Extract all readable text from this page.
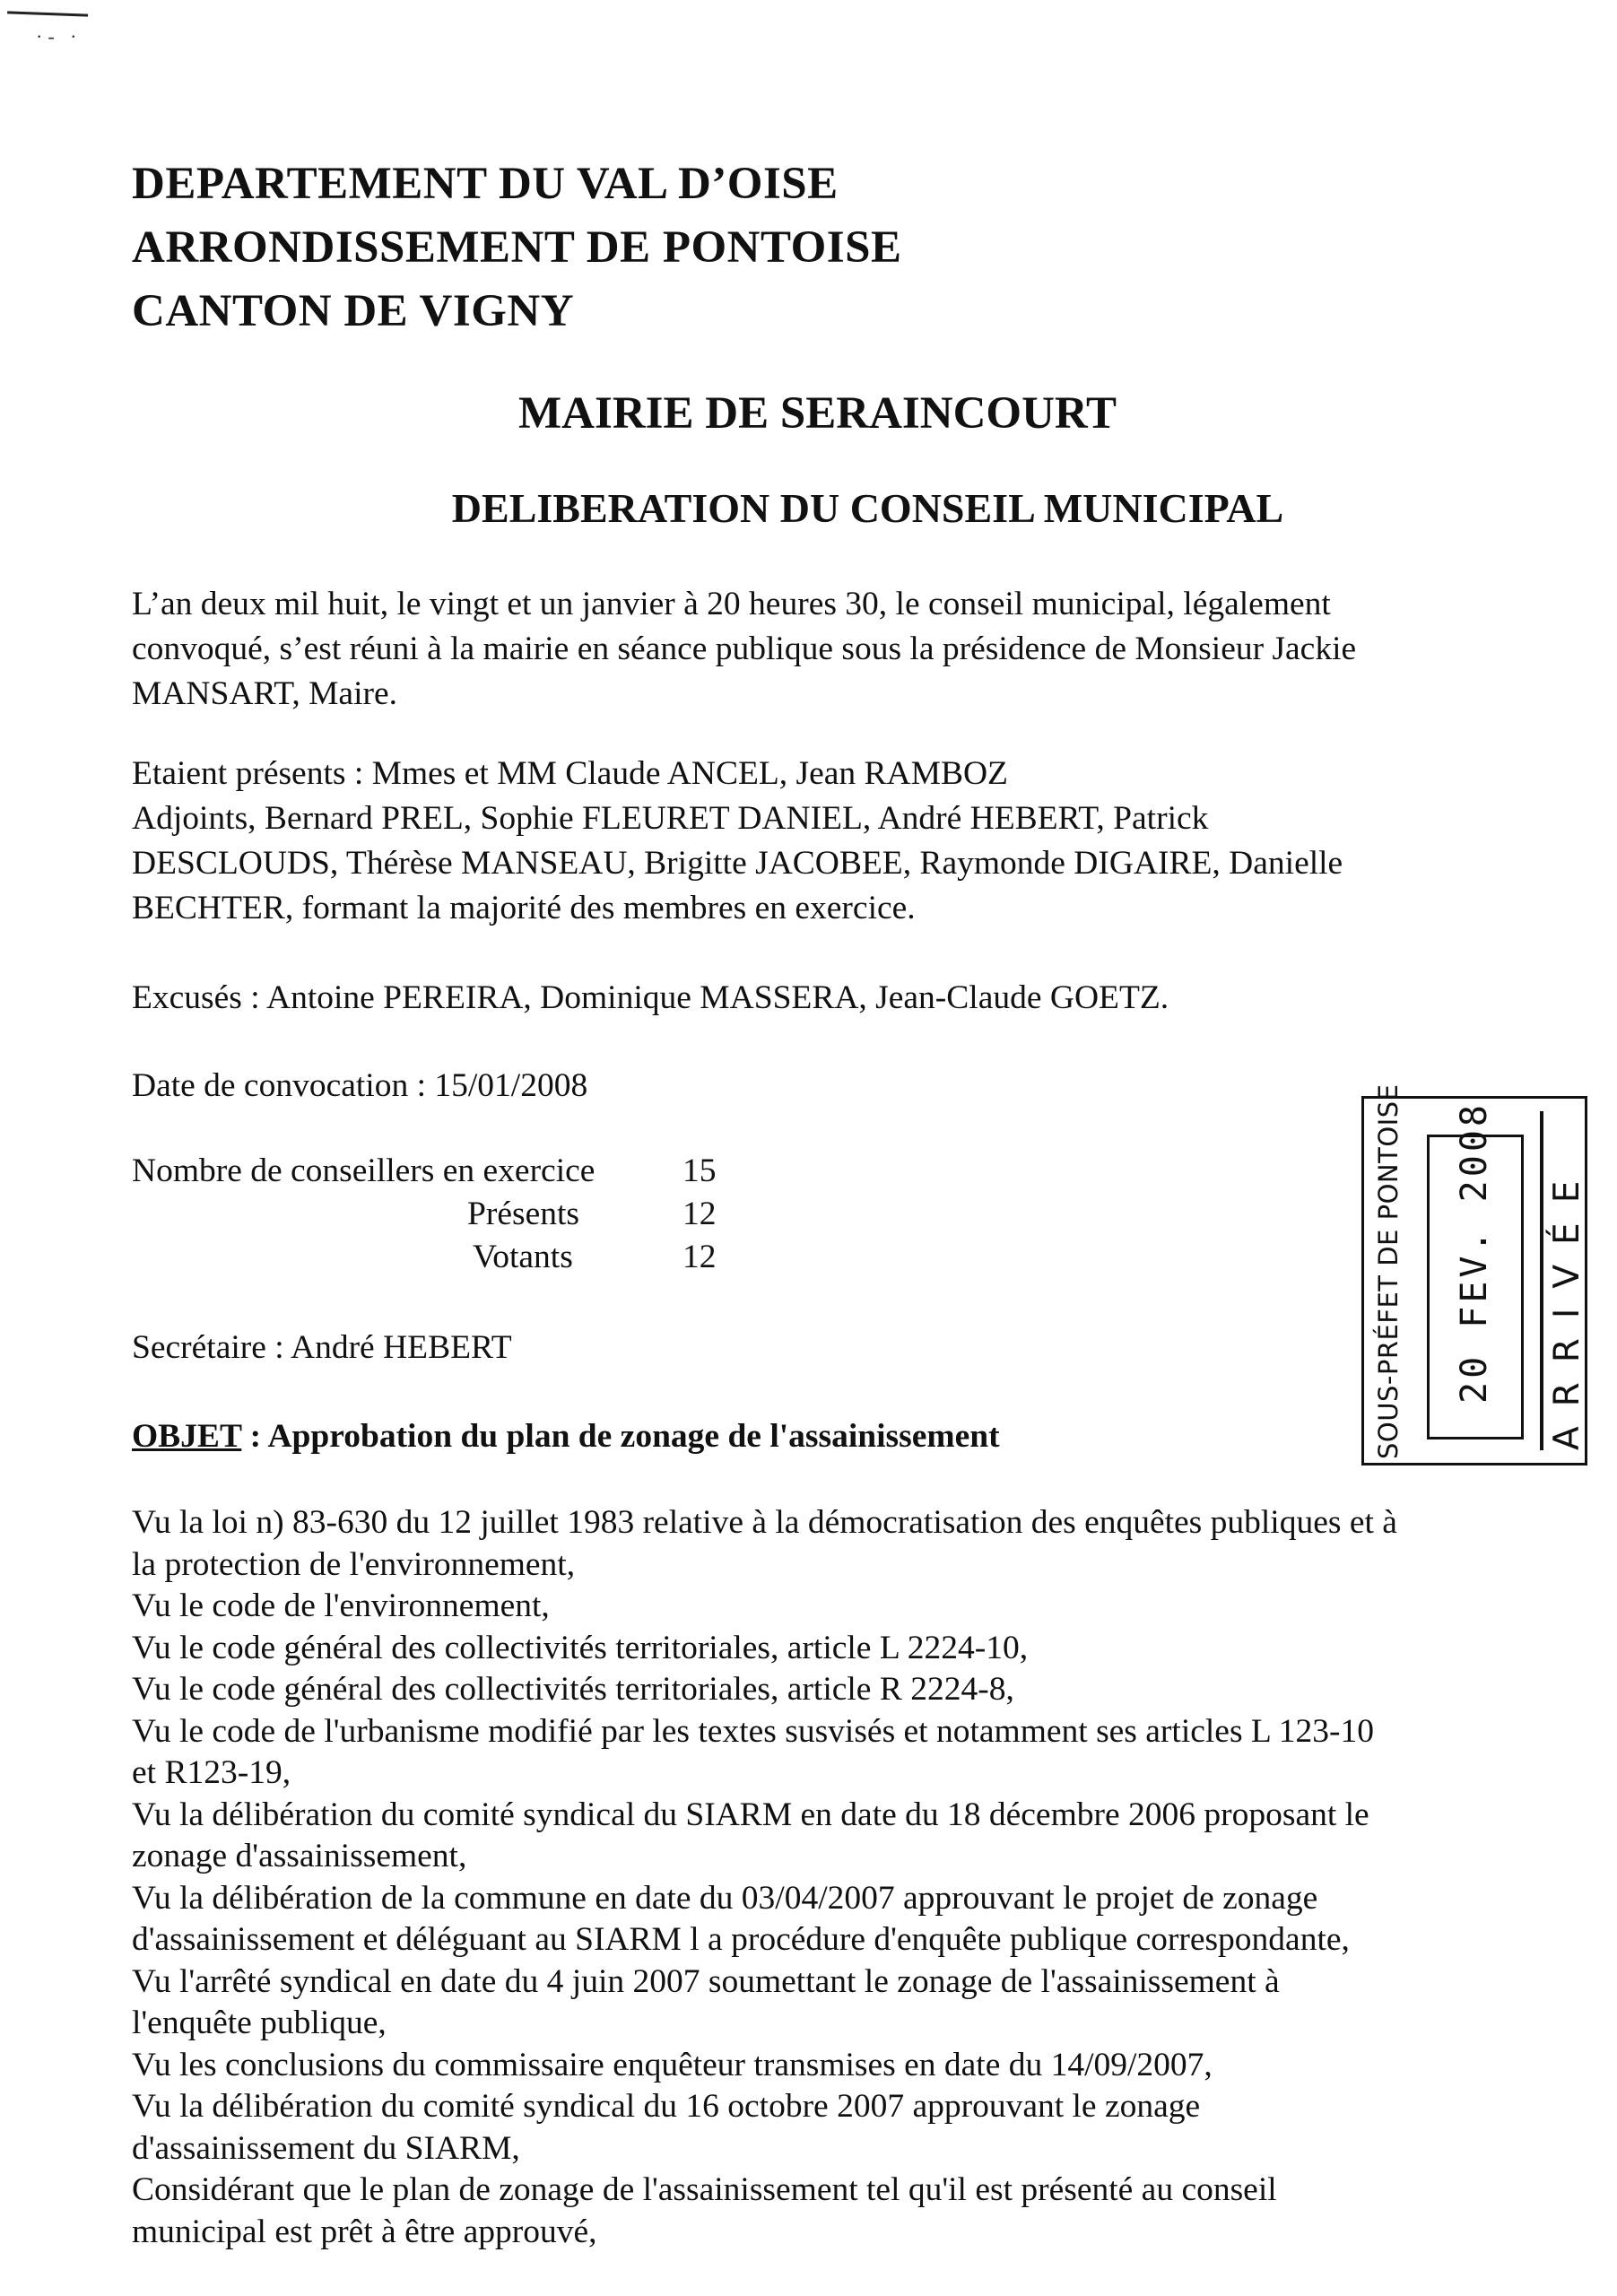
·‐ ·
DEPARTEMENT DU VAL D’OISE
ARRONDISSEMENT DE PONTOISE
CANTON DE VIGNY
MAIRIE DE SERAINCOURT
DELIBERATION DU CONSEIL MUNICIPAL
L’an deux mil huit, le vingt et un janvier à 20 heures 30, le conseil municipal, légalement
convoqué, s’est réuni à la mairie en séance publique sous la présidence de Monsieur Jackie
MANSART, Maire.
Etaient présents : Mmes et MM Claude ANCEL, Jean RAMBOZ
Adjoints, Bernard PREL, Sophie FLEURET DANIEL, André HEBERT, Patrick
DESCLOUDS, Thérèse MANSEAU, Brigitte JACOBEE, Raymonde DIGAIRE, Danielle
BECHTER, formant la majorité des membres en exercice.
Excusés : Antoine PEREIRA, Dominique MASSERA, Jean-Claude GOETZ.
Date de convocation : 15/01/2008
Nombre de conseillers en exercice	15
Présents	12
Votants	12
Secrétaire : André HEBERT
OBJET : Approbation du plan de zonage de l'assainissement
Vu la loi n) 83-630 du 12 juillet 1983 relative à la démocratisation des enquêtes publiques et à
la protection de l'environnement,
Vu le code de l'environnement,
Vu le code général des collectivités territoriales, article L 2224-10,
Vu le code général des collectivités territoriales, article R 2224-8,
Vu le code de l'urbanisme modifié par les textes susvisés et notamment ses articles L 123-10
et R123-19,
Vu la délibération du comité syndical du SIARM en date du 18 décembre 2006 proposant le
zonage d'assainissement,
Vu la délibération de la commune en date du 03/04/2007 approuvant le projet de zonage
d'assainissement et déléguant au SIARM l a procédure d'enquête publique correspondante,
Vu l'arrêté syndical en date du 4 juin 2007 soumettant le zonage de l'assainissement à
l'enquête publique,
Vu les conclusions du commissaire enquêteur transmises en date du 14/09/2007,
Vu la délibération du comité syndical du 16 octobre 2007 approuvant le zonage
d'assainissement du SIARM,
Considérant que le plan de zonage de l'assainissement tel qu'il est présenté au conseil
municipal est prêt à être approuvé,
SOUS-PRÉFET DE PONTOISE 20 FEV. 2008 ARRIVÉE
